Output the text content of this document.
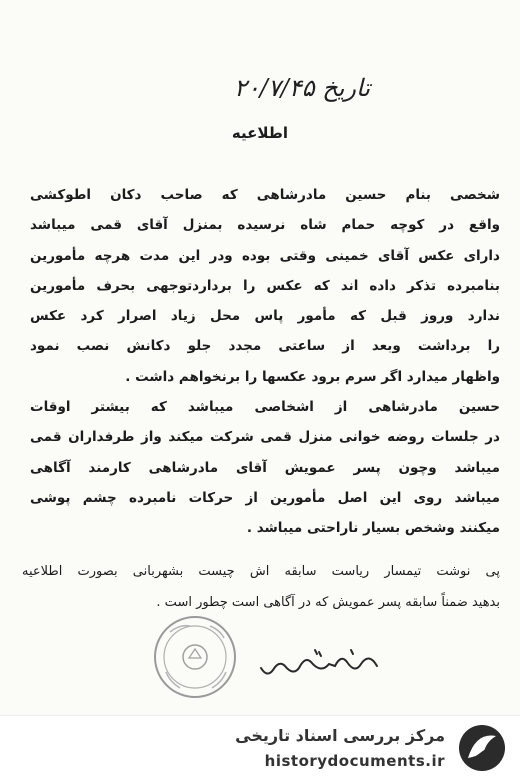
تاریخ ۲۰/۷/۴۵
اطلاعیه
شخصی بنام حسین مادرشاهی که صاحب دکان اطوکشی
واقع در کوچه حمام شاه نرسیده بمنزل آقای قمی میباشد
دارای عکس آقای خمینی وقتی بوده ودر این مدت هرچه مأمورین
بنامبرده تذکر داده اند که عکس را برداردتوجهی بحرف مأمورین
ندارد وروز قبل که مأمور پاس محل زیاد اصرار کرد عکس
را برداشت وبعد از ساعتی مجدد جلو دکانش نصب نمود
واظهار میدارد اگر سرم برود عکسها را برنخواهم داشت .
حسین مادرشاهی از اشخاصی میباشد که بیشتر اوقات
در جلسات روضه خوانی منزل قمی شرکت میکند واز طرفداران قمی
میباشد وچون پسر عمویش آقای مادرشاهی کارمند آگاهی
میباشد روی این اصل مأمورین از حرکات نامبرده چشم پوشی
میکنند وشخص بسیار ناراحتی میباشد .
پی نوشت تیمسار ریاست سابقه اش چیست بشهربانی بصورت اطلاعیه
بدهید ضمناً سابقه پسر عمویش که در آگاهی است چطور است .
مرکز بررسی اسناد تاریخی
historydocuments.ir
